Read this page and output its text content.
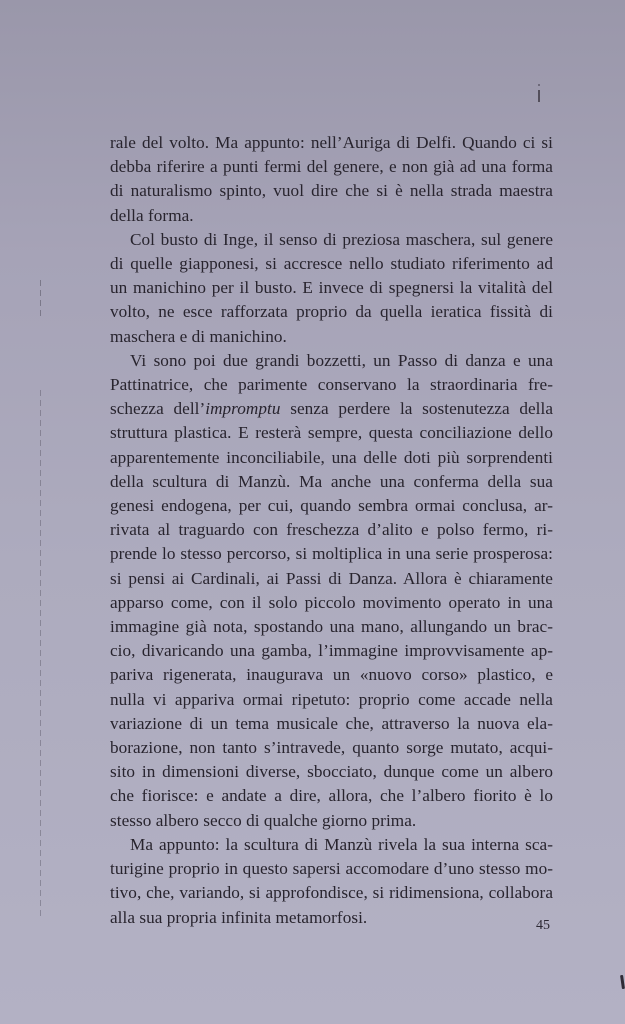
rale del volto. Ma appunto: nell’Auriga di Delfi. Quando ci si
debba riferire a punti fermi del genere, e non già ad una forma
di naturalismo spinto, vuol dire che si è nella strada maestra
della forma.

Col busto di Inge, il senso di preziosa maschera, sul genere
di quelle giapponesi, si accresce nello studiato riferimento ad
un manichino per il busto. E invece di spegnersi la vitalità del
volto, ne esce rafforzata proprio da quella ieratica fissità di
maschera e di manichino.

Vi sono poi due grandi bozzetti, un Passo di danza e una
Pattinatrice, che parimente conservano la straordinaria fre-
schezza dell’impromptu senza perdere la sostenutezza della
struttura plastica. E resterà sempre, questa conciliazione dello
apparentemente inconciliabile, una delle doti più sorprendenti
della scultura di Manzù. Ma anche una conferma della sua
genesi endogena, per cui, quando sembra ormai conclusa, ar-
rivata al traguardo con freschezza d’alito e polso fermo, ri-
prende lo stesso percorso, si moltiplica in una serie prosperosa:
si pensi ai Cardinali, ai Passi di Danza. Allora è chiaramente
apparso come, con il solo piccolo movimento operato in una
immagine già nota, spostando una mano, allungando un brac-
cio, divaricando una gamba, l’immagine improvvisamente ap-
pariva rigenerata, inaugurava un «nuovo corso» plastico, e
nulla vi appariva ormai ripetuto: proprio come accade nella
variazione di un tema musicale che, attraverso la nuova ela-
borazione, non tanto s’intravede, quanto sorge mutato, acqui-
sito in dimensioni diverse, sbocciato, dunque come un albero
che fiorisce: e andate a dire, allora, che l’albero fiorito è lo
stesso albero secco di qualche giorno prima.

Ma appunto: la scultura di Manzù rivela la sua interna sca-
turigine proprio in questo sapersi accomodare d’uno stesso mo-
tivo, che, variando, si approfondisce, si ridimensiona, collabora
alla sua propria infinita metamorfosi.	45
